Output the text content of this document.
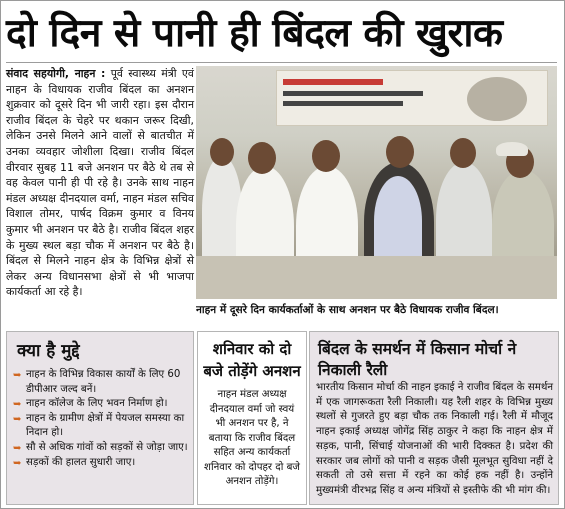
दो दिन से पानी ही बिंदल की खुराक
संवाद सहयोगी, नाहन : पूर्व स्वास्थ्य मंत्री एवं नाहन के विधायक राजीव बिंदल का अनशन शुक्रवार को दूसरे दिन भी जारी रहा। इस दौरान राजीव बिंदल के चेहरे पर थकान जरूर दिखी, लेकिन उनसे मिलने आने वालों से बातचीत में उनका व्यवहार जोशीला दिखा। राजीव बिंदल वीरवार सुबह 11 बजे अनशन पर बैठे थे तब से वह केवल पानी ही पी रहे है। उनके साथ नाहन मंडल अध्यक्ष दीनदयाल वर्मा, नाहन मंडल सचिव विशाल तोमर, पार्षद विक्रम कुमार व विनय कुमार भी अनशन पर बैठे है। राजीव बिंदल शहर के मुख्य स्थल बड़ा चौक में अनशन पर बैठे है। बिंदल से मिलने नाहन क्षेत्र के विभिन्न क्षेत्रों से लेकर अन्य विधानसभा क्षेत्रों से भी भाजपा कार्यकर्ता आ रहे है।
नाहन में दूसरे दिन कार्यकर्ताओं के साथ अनशन पर बैठे विधायक राजीव बिंदल।
क्या है मुद्दे
➥ नाहन के विभिन्न विकास कार्यों के लिए 60 डीपीआर जल्द बनें।
➥ नाहन कॉलेज के लिए भवन निर्माण हो।
➥ नाहन के ग्रामीण क्षेत्रों में पेयजल समस्या का निदान हो।
➥ सौ से अधिक गांवों को सड़कों से जोड़ा जाए।
➥ सड़कों की हालत सुधारी जाए।
शनिवार को दो बजे तोड़ेंगे अनशन
नाहन मंडल अध्यक्ष दीनदयाल वर्मा जो स्वयं भी अनशन पर है, ने बताया कि राजीव बिंदल सहित अन्य कार्यकर्ता शनिवार को दोपहर दो बजे अनशन तोड़ेंगे।
बिंदल के समर्थन में किसान मोर्चा ने निकाली रैली
भारतीय किसान मोर्चा की नाहन इकाई ने राजीव बिंदल के समर्थन में एक जागरूकता रैली निकाली। यह रैली शहर के विभिन्न मुख्य स्थलों से गुजरते हुए बड़ा चौक तक निकाली गई। रैली में मौजूद नाहन इकाई अध्यक्ष जोगेंद्र सिंह ठाकुर ने कहा कि नाहन क्षेत्र में सड़क, पानी, सिंचाई योजनाओं की भारी दिक्कत है। प्रदेश की सरकार जब लोगों को पानी व सड़क जैसी मूलभूत सुविधा नहीं दे सकती तो उसे सत्ता में रहने का कोई हक नहीं है। उन्होंने मुख्यमंत्री वीरभद्र सिंह व अन्य मंत्रियों से इस्तीफे की भी मांग की।
